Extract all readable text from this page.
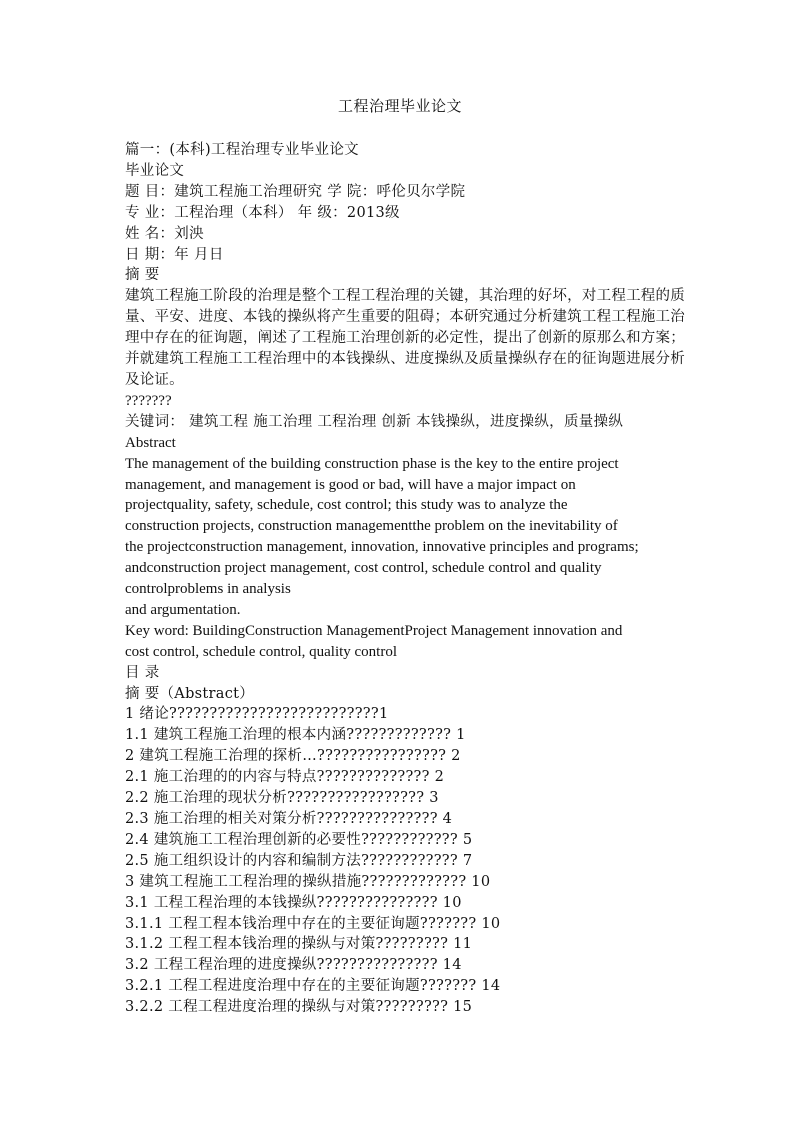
工程治理毕业论文
篇一：(本科)工程治理专业毕业论文
毕业论文
题 目：建筑工程施工治理研究 学 院：呼伦贝尔学院
专 业：工程治理（本科） 年 级：2013级
姓 名：刘泱
日 期：年 月日
摘 要
建筑工程施工阶段的治理是整个工程工程治理的关键，其治理的好坏，对工程工程的质量、平安、进度、本钱的操纵将产生重要的阻碍；本研究通过分析建筑工程工程施工治理中存在的征询题，阐述了工程施工治理创新的必定性，提出了创新的原那么和方案；并就建筑工程施工工程治理中的本钱操纵、进度操纵及质量操纵存在的征询题进展分析及论证。
???????
关键词： 建筑工程 施工治理 工程治理 创新 本钱操纵，进度操纵，质量操纵
Abstract
The management of the building construction phase is the key to the entire project
management, and management is good or bad, will have a major impact on
projectquality, safety, schedule, cost control; this study was to analyze the
construction projects, construction managementthe problem on the inevitability of
the projectconstruction management, innovation, innovative principles and programs;
andconstruction project management, cost control, schedule control and quality
controlproblems in analysis
and argumentation.
Key word: BuildingConstruction ManagementProject Management innovation and
cost control, schedule control, quality control
目 录
摘 要（Abstract）
1 绪论??????????????????????????1
1.1 建筑工程施工治理的根本内涵????????????? 1
2 建筑工程施工治理的探析…???????????????? 2
2.1 施工治理的的内容与特点?????????????? 2
2.2 施工治理的现状分析????????????????? 3
2.3 施工治理的相关对策分析??????????????? 4
2.4 建筑施工工程治理创新的必要性???????????? 5
2.5 施工组织设计的内容和编制方法???????????? 7
3 建筑工程施工工程治理的操纵措施????????????? 10
3.1 工程工程治理的本钱操纵??????????????? 10
3.1.1 工程工程本钱治理中存在的主要征询题??????? 10
3.1.2 工程工程本钱治理的操纵与对策????????? 11
3.2 工程工程治理的进度操纵??????????????? 14
3.2.1 工程工程进度治理中存在的主要征询题??????? 14
3.2.2 工程工程进度治理的操纵与对策????????? 15
